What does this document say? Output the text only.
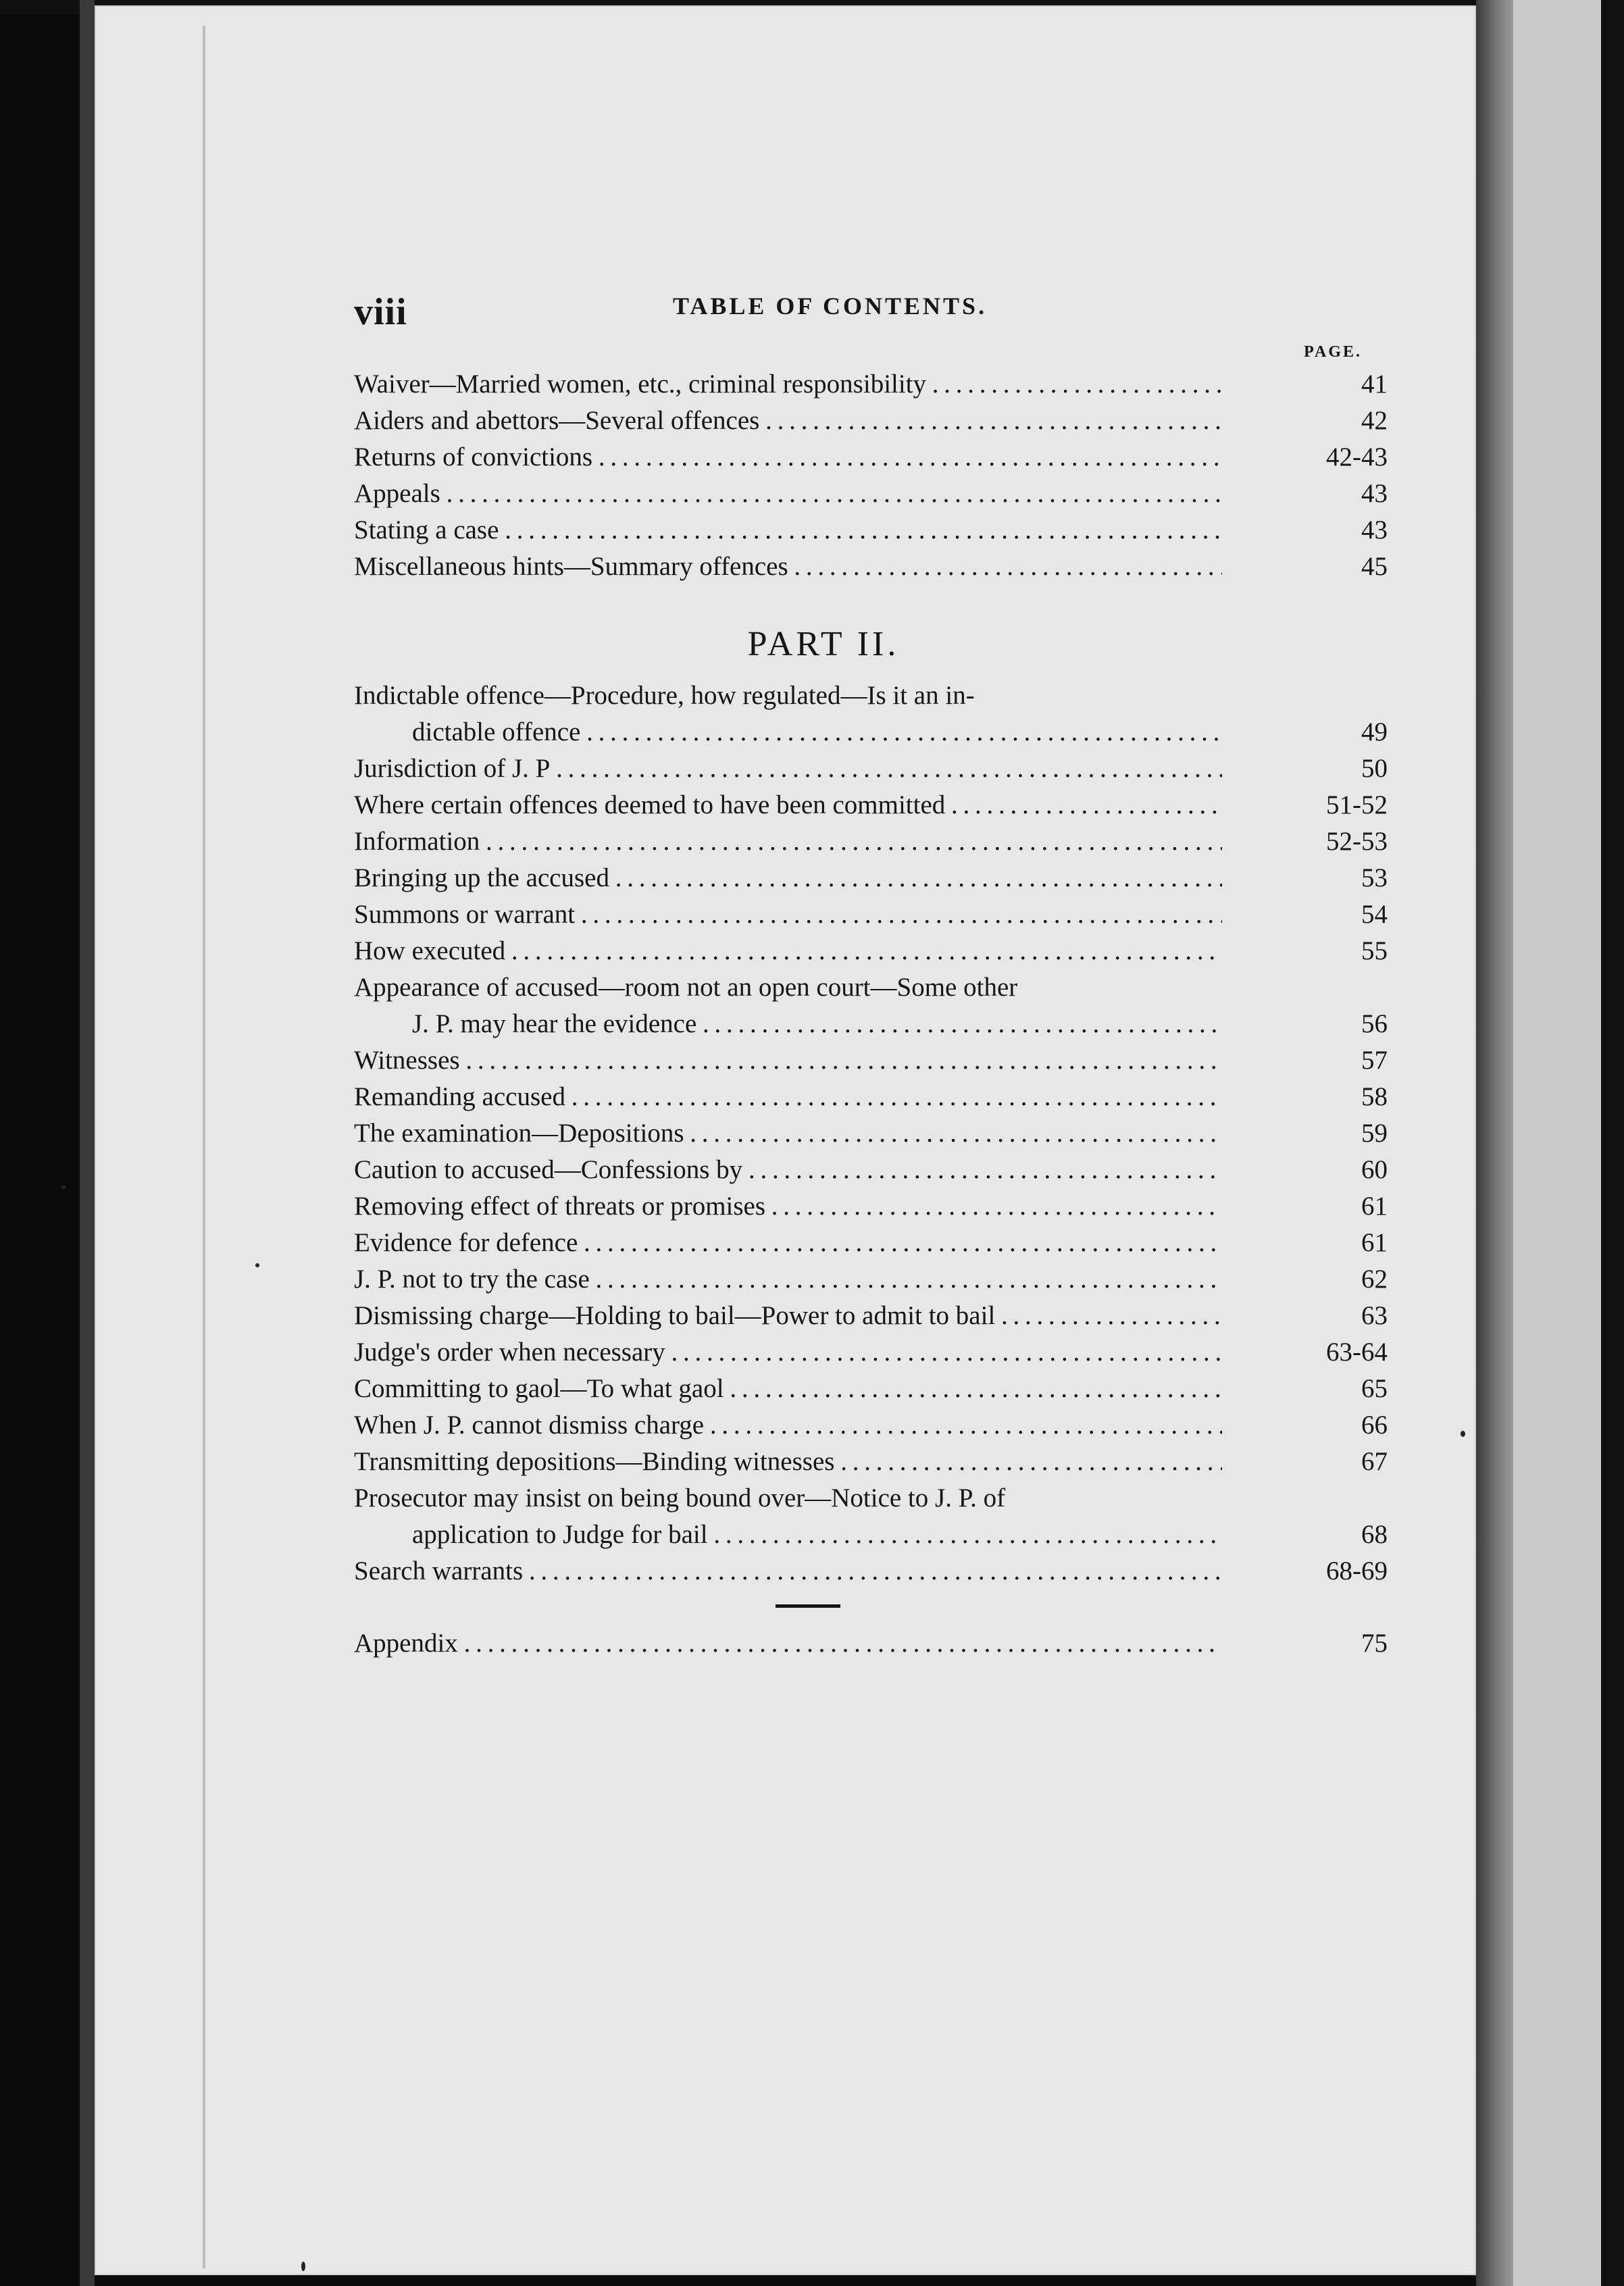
viii	TABLE OF CONTENTS.
PAGE.
Waiver—Married women, etc., criminal responsibility . . .	41
Aiders and abettors—Several offences . . .	42
Returns of convictions . . .	42-43
Appeals . . .	43
Stating a case . . .	43
Miscellaneous hints—Summary offences . . .	45
PART II.
Indictable offence—Procedure, how regulated—Is it an in-
dictable offence . . .	49
Jurisdiction of J. P . . .	50
Where certain offences deemed to have been committed . . .	51-52
Information . . .	52-53
Bringing up the accused . . .	53
Summons or warrant . . .	54
How executed . . .	55
Appearance of accused—room not an open court—Some other
J. P. may hear the evidence . . .	56
Witnesses . . .	57
Remanding accused . . .	58
The examination—Depositions . . .	59
Caution to accused—Confessions by . . .	60
Removing effect of threats or promises . . .	61
Evidence for defence . . .	61
J. P. not to try the case . . .	62
Dismissing charge—Holding to bail—Power to admit to bail . . .	63
Judge's order when necessary . . .	63-64
Committing to gaol—To what gaol . . .	65
When J. P. cannot dismiss charge . . .	66
Transmitting depositions—Binding witnesses . . .	67
Prosecutor may insist on being bound over—Notice to J. P. of
application to Judge for bail . . .	68
Search warrants . . .	68-69
Appendix . . .	75
